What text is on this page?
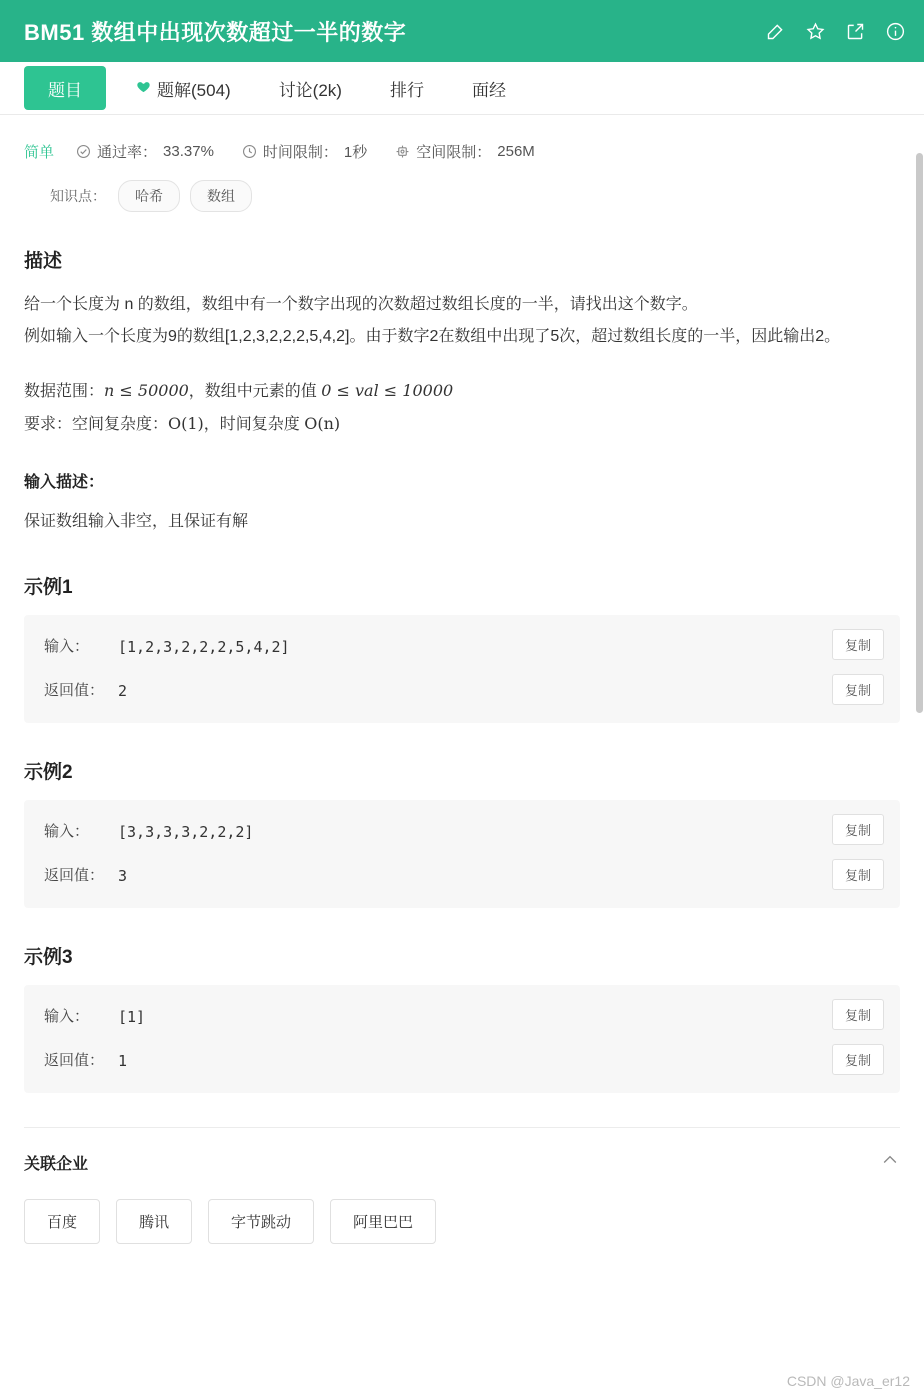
BM51 数组中出现次数超过一半的数字
题目	题解(504)	讨论(2k)	排行	面经
简单	通过率： 33.37%	时间限制： 1秒	空间限制： 256M
知识点：	哈希	数组
描述

给一个长度为 n 的数组，数组中有一个数字出现的次数超过数组长度的一半，请找出这个数字。

例如输入一个长度为9的数组[1,2,3,2,2,2,5,4,2]。由于数字2在数组中出现了5次，超过数组长度的一半，因此输出2。

数据范围：n ≤ 50000，数组中元素的值 0 ≤ val ≤ 10000

要求：空间复杂度：O(1)，时间复杂度 O(n)

输入描述：

保证数组输入非空，且保证有解

示例1
输入：	[1,2,3,2,2,2,5,4,2]	复制
返回值： 2	复制
示例2
输入：	[3,3,3,3,2,2,2]	复制
返回值： 3	复制
示例3
输入：	[1]	复制
返回值： 1	复制
关联企业
百度	腾讯	字节跳动	阿里巴巴
CSDN @Java_er12
